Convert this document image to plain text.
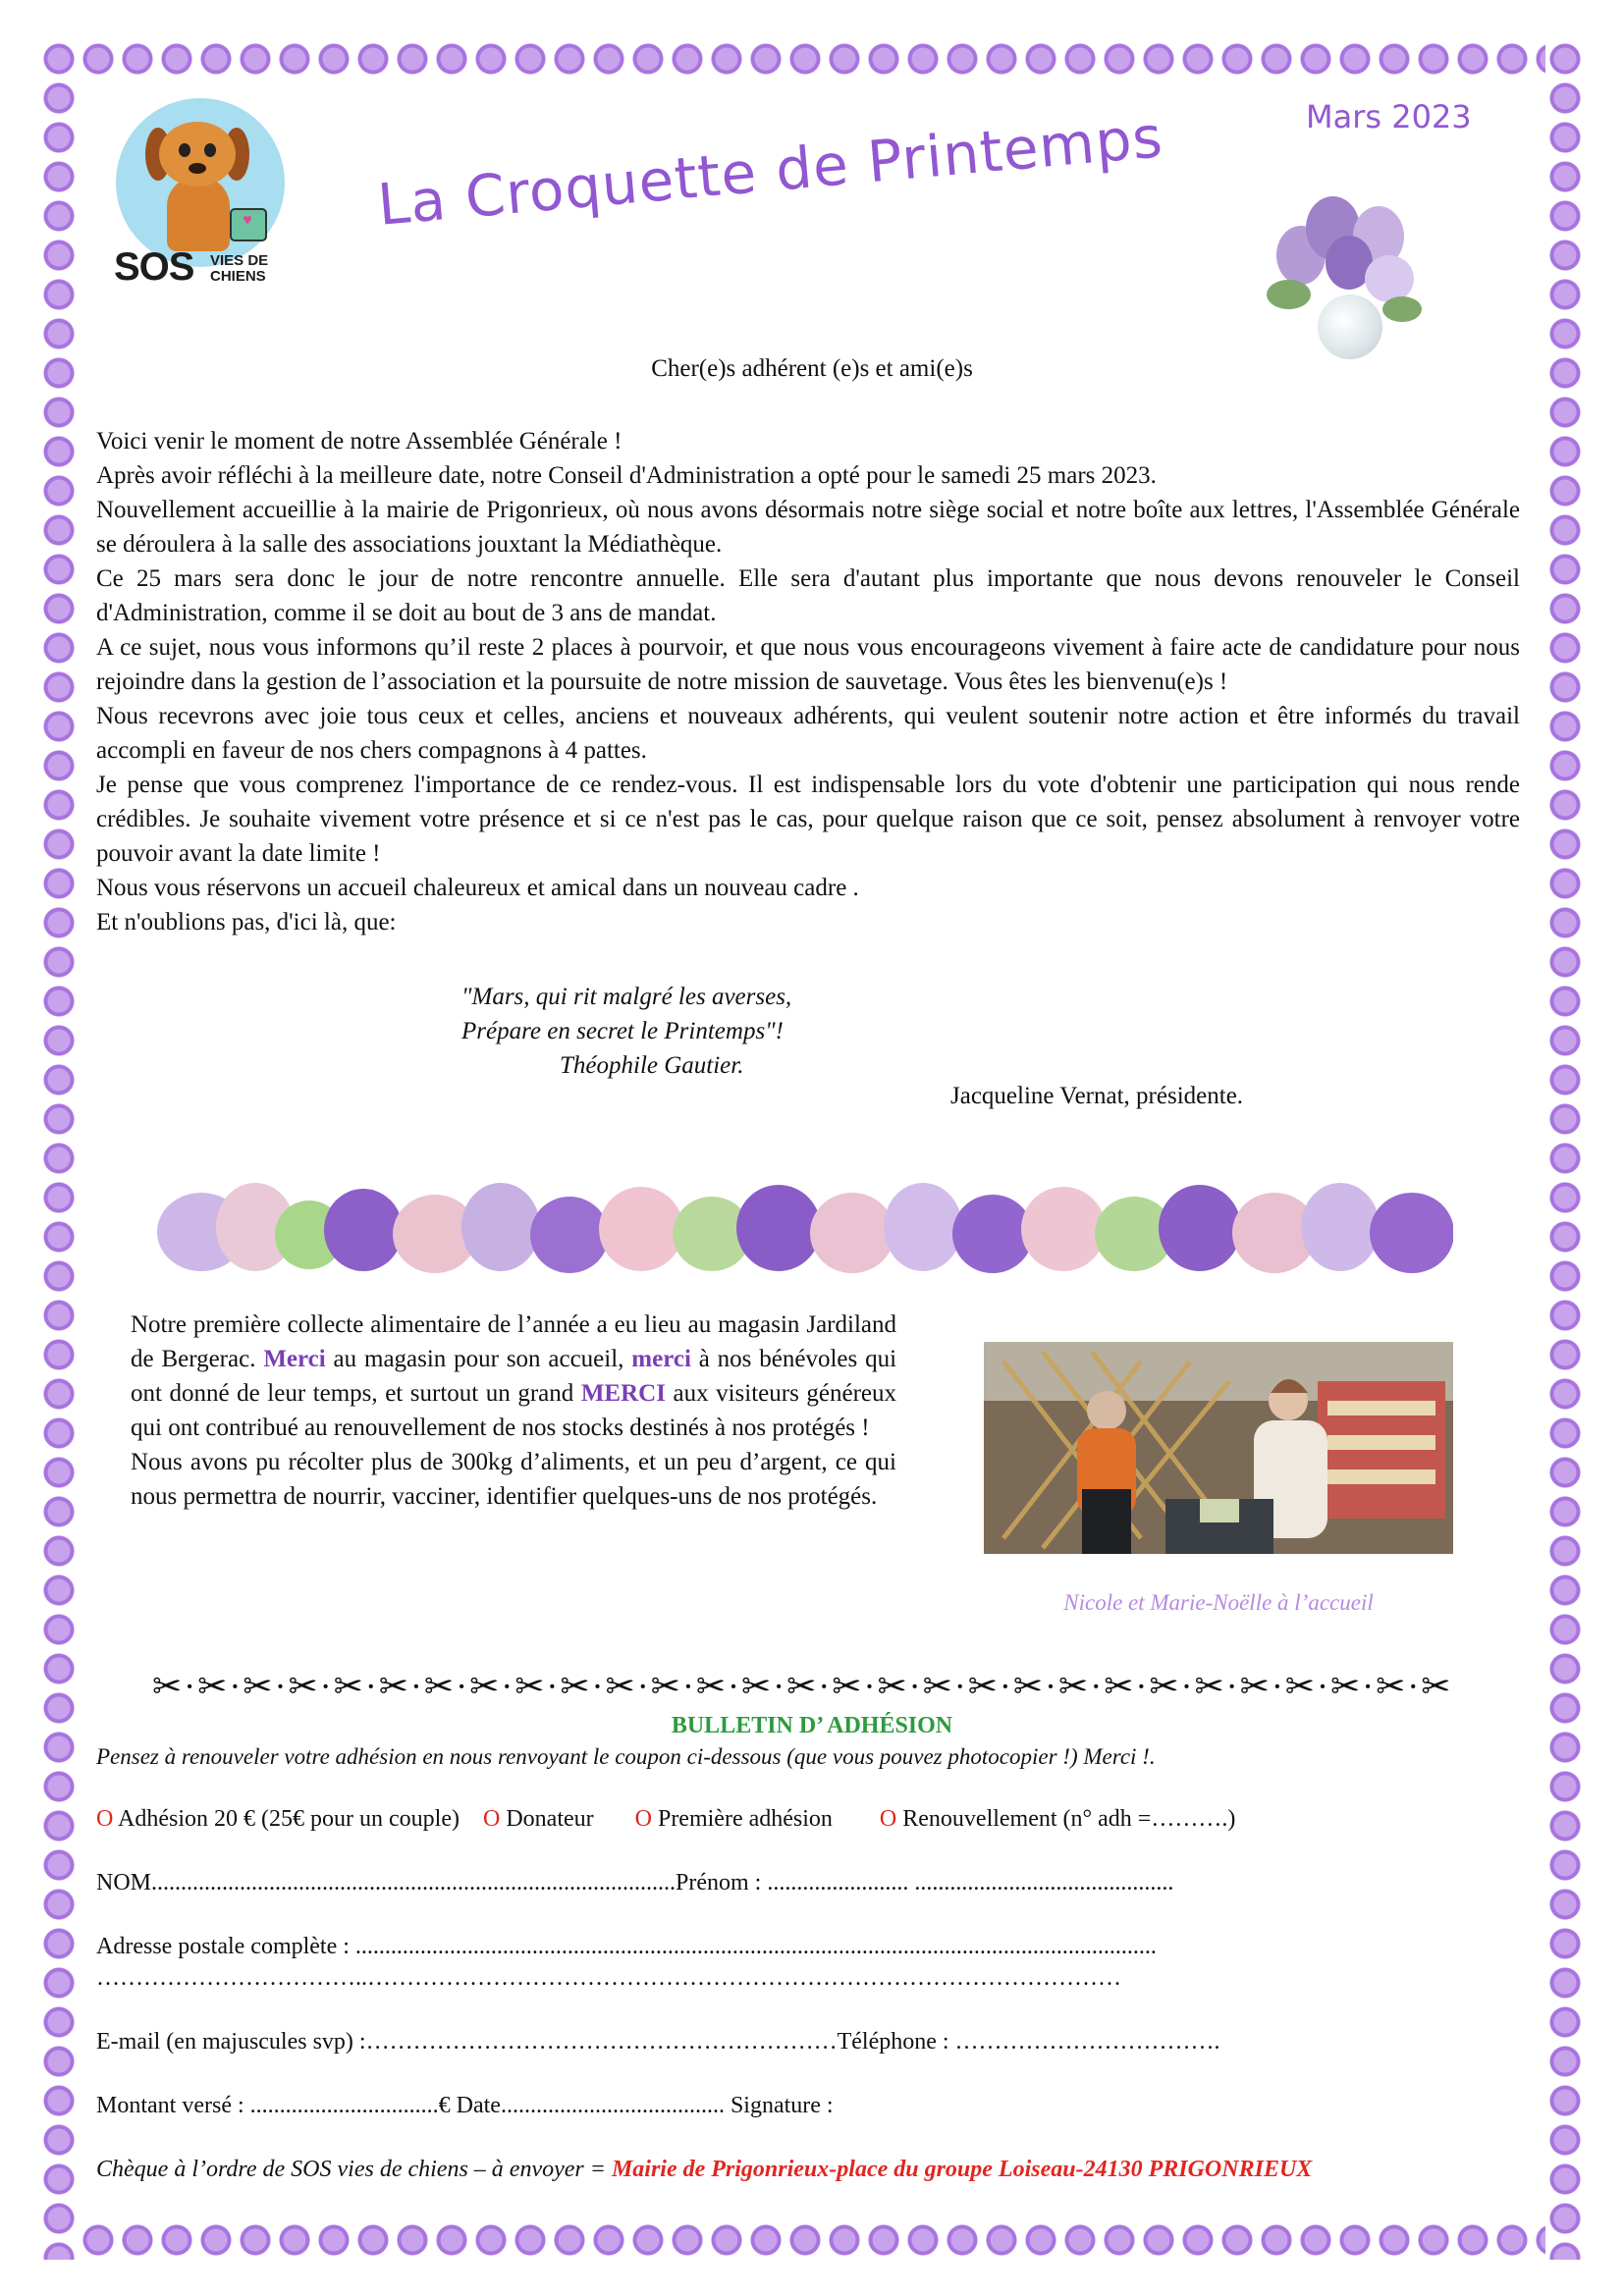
♥
SOS VIES DE
CHIENS
Mars 2023
La Croquette de Printemps
Cher(e)s adhérent (e)s et ami(e)s

Voici venir le moment de notre Assemblée Générale !

Après avoir réfléchi à la meilleure date, notre Conseil d'Administration a opté pour le samedi 25 mars 2023.

Nouvellement accueillie à la mairie de Prigonrieux, où nous avons désormais notre siège social et notre boîte aux lettres, l'Assemblée Générale se déroulera à la salle des associations jouxtant la Médiathèque.

Ce 25 mars sera donc le jour de notre rencontre annuelle. Elle sera d'autant plus importante que nous devons renouveler le Conseil d'Administration, comme il se doit au bout de 3 ans de mandat.

A ce sujet, nous vous informons qu’il reste 2 places à pourvoir, et que nous vous encourageons vivement à faire acte de candidature pour nous rejoindre dans la gestion de l’association et la poursuite de notre mission de sauvetage. Vous êtes les bienvenu(e)s !

Nous recevrons avec joie tous ceux et celles, anciens et nouveaux adhérents, qui veulent soutenir notre action et être informés du travail accompli en faveur de nos chers compagnons à 4 pattes.

Je pense que vous comprenez l'importance de ce rendez-vous. Il est indispensable lors du vote d'obtenir une participation qui nous rende crédibles. Je souhaite vivement votre présence et si ce n'est pas le cas, pour quelque raison que ce soit, pensez absolument à renvoyer votre pouvoir avant la date limite !

Nous vous réservons un accueil chaleureux et amical dans un nouveau cadre .

Et n'oublions pas, d'ici là, que:

"Mars, qui rit malgré les averses,
Prépare en secret le Printemps"!
Théophile Gautier.
Jacqueline Vernat, présidente.

Notre première collecte alimentaire de l’année a eu lieu au magasin Jardiland de Bergerac. Merci au magasin pour son accueil, merci à nos bénévoles qui ont donné de leur temps, et surtout un grand MERCI aux visiteurs généreux qui ont contribué au renouvellement de nos stocks destinés à nos protégés !

Nous avons pu récolter plus de 300kg d’aliments, et un peu d’argent, ce qui nous permettra de nourrir, vacciner, identifier quelques-uns de nos protégés.

Nicole et Marie-Noëlle à l’accueil
✂·✂·✂·✂·✂·✂·✂·✂·✂·✂·✂·✂·✂·✂·✂·✂·✂·✂·✂·✂·✂·✂·✂·✂·✂·✂·✂·✂·✂
BULLETIN D’ ADHÉSION
Pensez à renouveler votre adhésion en nous renvoyant le coupon ci-dessous (que vous pouvez photocopier !) Merci !.
O Adhésion 20 € (25€ pour un couple) O Donateur O Première adhésion O Renouvellement (n° adh =……….)
NOM.........................................................................................Prénom : ........................ ............................................
Adresse postale complète : ........................................................................................................................................
……………………………..……………………………………………………………………………………
E-mail (en majuscules svp) :……………………………………………………Téléphone : …………………………….
Montant versé : ................................€ Date...................................... Signature :
Chèque à l’ordre de SOS vies de chiens – à envoyer = Mairie de Prigonrieux-place du groupe Loiseau-24130 PRIGONRIEUX
